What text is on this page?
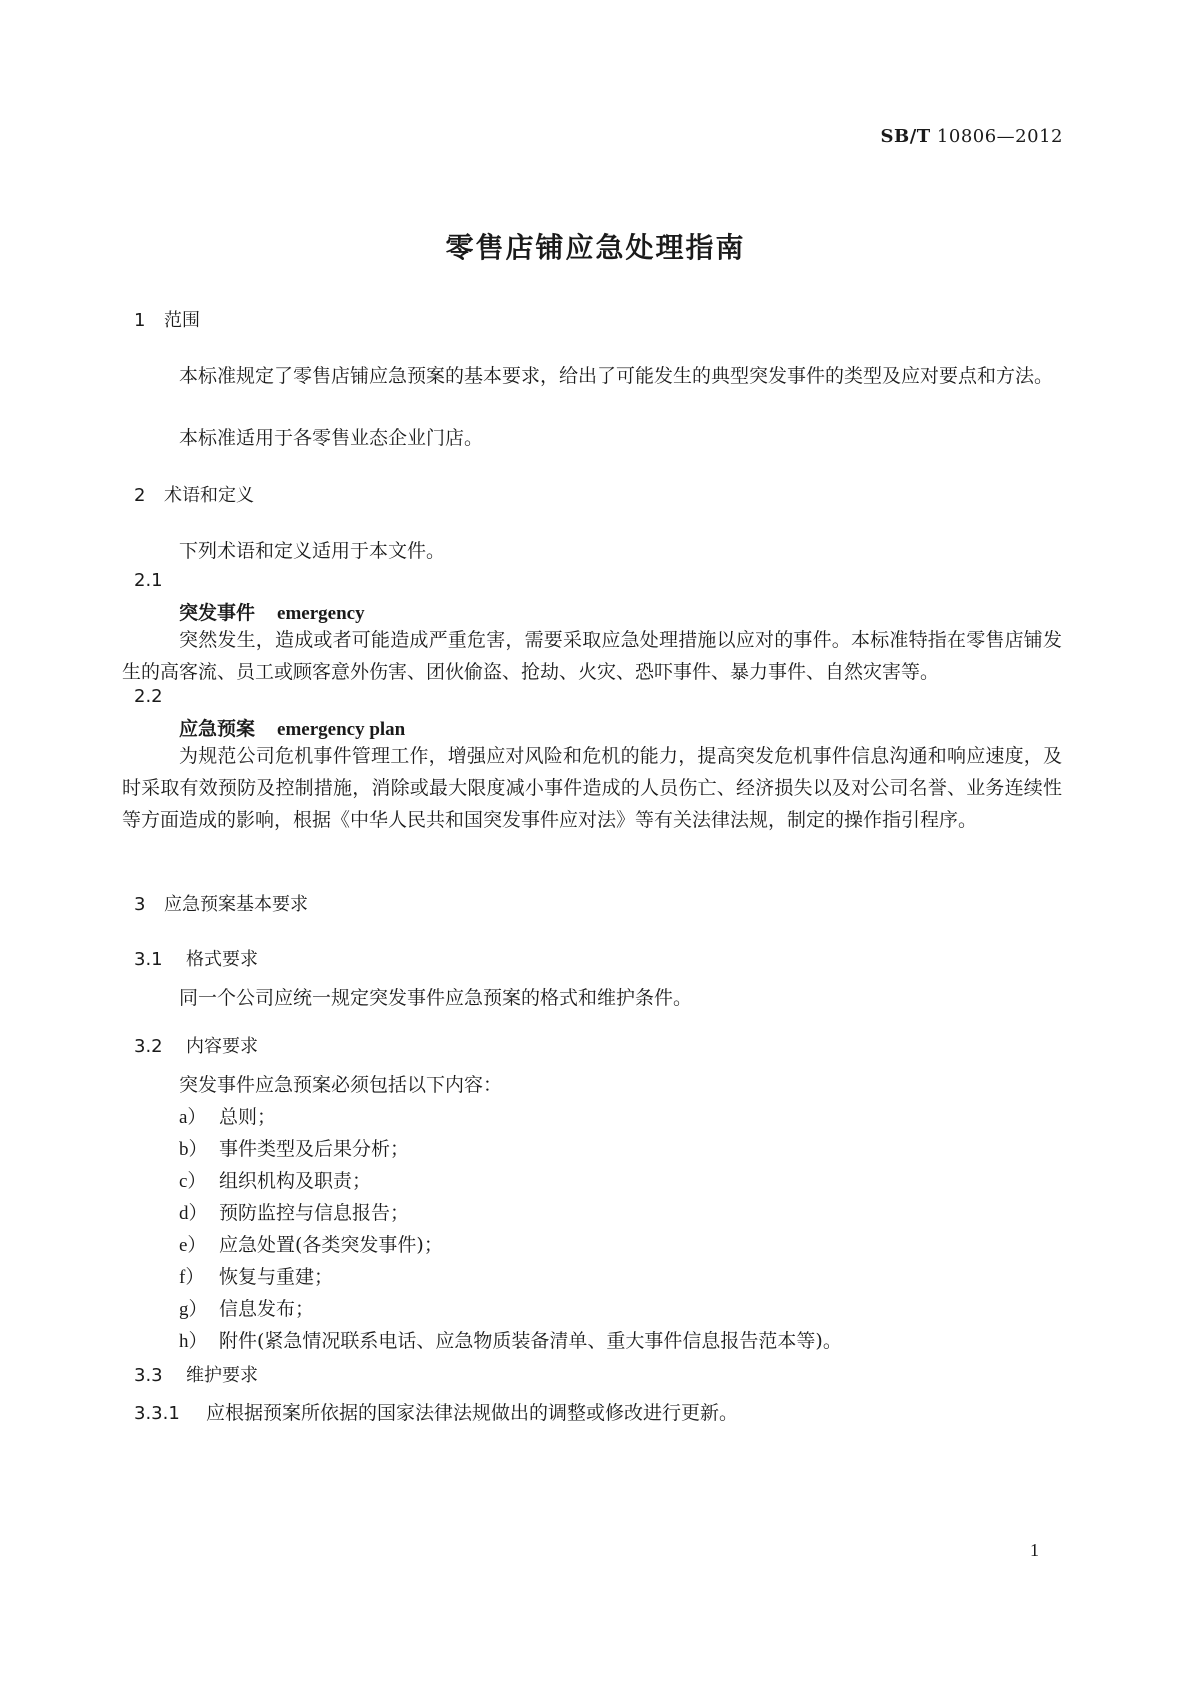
SB/T 10806—2012
零售店铺应急处理指南
1 范围
本标准规定了零售店铺应急预案的基本要求，给出了可能发生的典型突发事件的类型及应对要点和方法。
本标准适用于各零售业态企业门店。
2 术语和定义
下列术语和定义适用于本文件。
2.1
突发事件 emergency
突然发生，造成或者可能造成严重危害，需要采取应急处理措施以应对的事件。本标准特指在零售店铺发生的高客流、员工或顾客意外伤害、团伙偷盗、抢劫、火灾、恐吓事件、暴力事件、自然灾害等。
2.2
应急预案 emergency plan
为规范公司危机事件管理工作，增强应对风险和危机的能力，提高突发危机事件信息沟通和响应速度，及时采取有效预防及控制措施，消除或最大限度减小事件造成的人员伤亡、经济损失以及对公司名誉、业务连续性等方面造成的影响，根据《中华人民共和国突发事件应对法》等有关法律法规，制定的操作指引程序。
3 应急预案基本要求
3.1 格式要求
同一个公司应统一规定突发事件应急预案的格式和维护条件。
3.2 内容要求
突发事件应急预案必须包括以下内容：
a） 总则；
b） 事件类型及后果分析；
c） 组织机构及职责；
d） 预防监控与信息报告；
e） 应急处置(各类突发事件)；
f） 恢复与重建；
g） 信息发布；
h） 附件(紧急情况联系电话、应急物质装备清单、重大事件信息报告范本等)。
3.3 维护要求
3.3.1 应根据预案所依据的国家法律法规做出的调整或修改进行更新。
1
